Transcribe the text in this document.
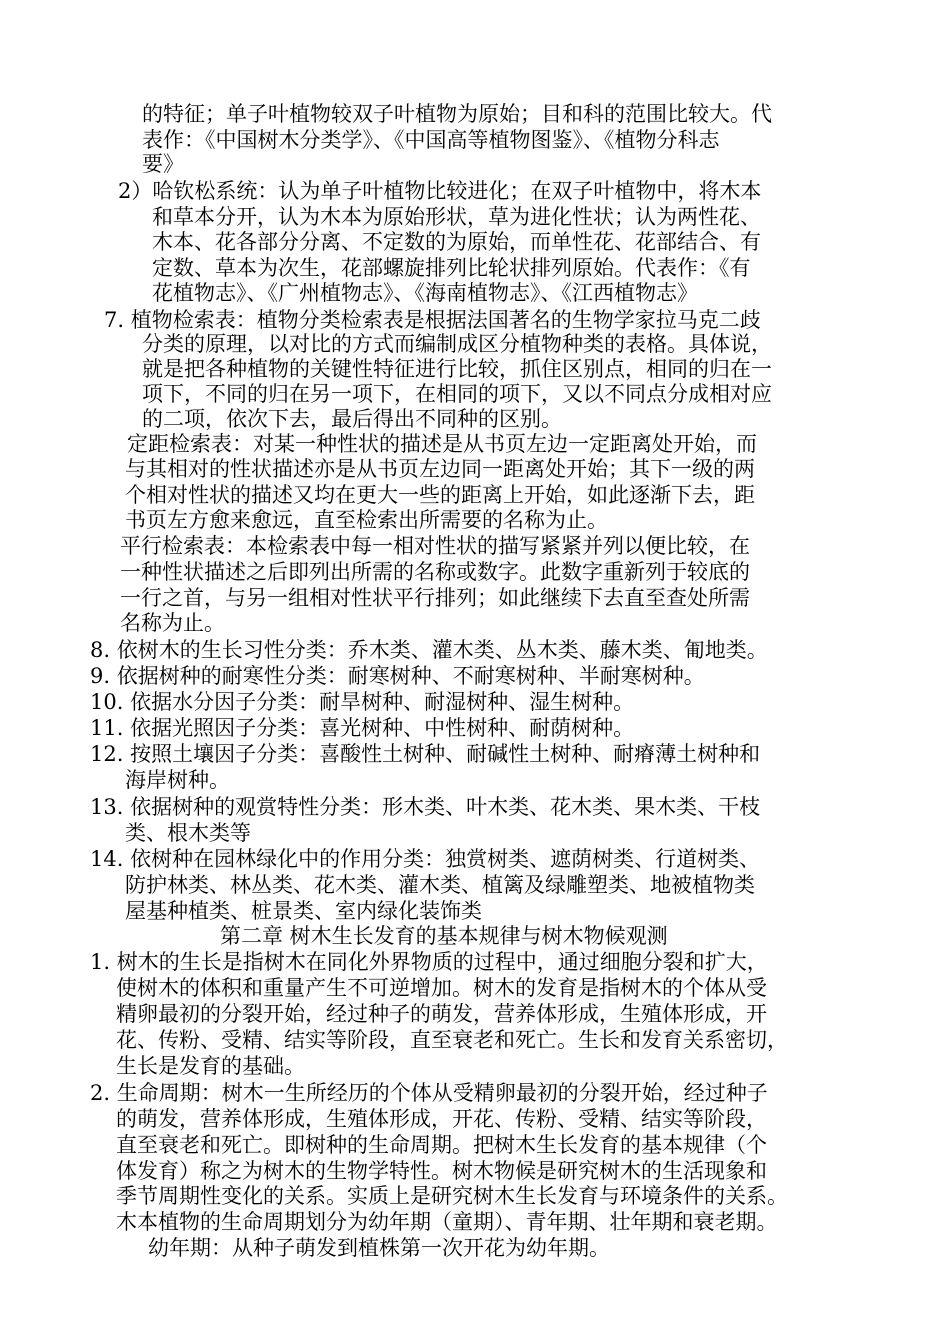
的特征；单子叶植物较双子叶植物为原始；目和科的范围比较大。代
表作：《中国树木分类学》、《中国高等植物图鉴》、《植物分科志
要》
2）哈钦松系统：认为单子叶植物比较进化；在双子叶植物中，将木本
和草本分开，认为木本为原始形状，草为进化性状；认为两性花、
木本、花各部分分离、不定数的为原始，而单性花、花部结合、有
定数、草本为次生，花部螺旋排列比轮状排列原始。代表作：《有
花植物志》、《广州植物志》、《海南植物志》、《江西植物志》
7. 植物检索表：植物分类检索表是根据法国著名的生物学家拉马克二歧
分类的原理，以对比的方式而编制成区分植物种类的表格。具体说，
就是把各种植物的关键性特征进行比较，抓住区别点，相同的归在一
项下，不同的归在另一项下，在相同的项下，又以不同点分成相对应
的二项，依次下去，最后得出不同种的区别。
定距检索表：对某一种性状的描述是从书页左边一定距离处开始，而
与其相对的性状描述亦是从书页左边同一距离处开始；其下一级的两
个相对性状的描述又均在更大一些的距离上开始，如此逐渐下去，距
书页左方愈来愈远，直至检索出所需要的名称为止。
平行检索表：本检索表中每一相对性状的描写紧紧并列以便比较，在
一种性状描述之后即列出所需的名称或数字。此数字重新列于较底的
一行之首，与另一组相对性状平行排列；如此继续下去直至查处所需
名称为止。
8. 依树木的生长习性分类：乔木类、灌木类、丛木类、藤木类、匍地类。
9. 依据树种的耐寒性分类：耐寒树种、不耐寒树种、半耐寒树种。
10. 依据水分因子分类：耐旱树种、耐湿树种、湿生树种。
11. 依据光照因子分类：喜光树种、中性树种、耐荫树种。
12. 按照土壤因子分类：喜酸性土树种、耐碱性土树种、耐瘠薄土树种和
海岸树种。
13. 依据树种的观赏特性分类：形木类、叶木类、花木类、果木类、干枝
类、根木类等
14. 依树种在园林绿化中的作用分类：独赏树类、遮荫树类、行道树类、
防护林类、林丛类、花木类、灌木类、植篱及绿雕塑类、地被植物类
屋基种植类、桩景类、室内绿化装饰类
第二章 树木生长发育的基本规律与树木物候观测
1. 树木的生长是指树木在同化外界物质的过程中，通过细胞分裂和扩大，
使树木的体积和重量产生不可逆增加。树木的发育是指树木的个体从受
精卵最初的分裂开始，经过种子的萌发，营养体形成，生殖体形成，开
花、传粉、受精、结实等阶段，直至衰老和死亡。生长和发育关系密切，
生长是发育的基础。
2. 生命周期：树木一生所经历的个体从受精卵最初的分裂开始，经过种子
的萌发，营养体形成，生殖体形成，开花、传粉、受精、结实等阶段，
直至衰老和死亡。即树种的生命周期。把树木生长发育的基本规律（个
体发育）称之为树木的生物学特性。树木物候是研究树木的生活现象和
季节周期性变化的关系。实质上是研究树木生长发育与环境条件的关系。
木本植物的生命周期划分为幼年期（童期）、青年期、壮年期和衰老期。
幼年期：从种子萌发到植株第一次开花为幼年期。
